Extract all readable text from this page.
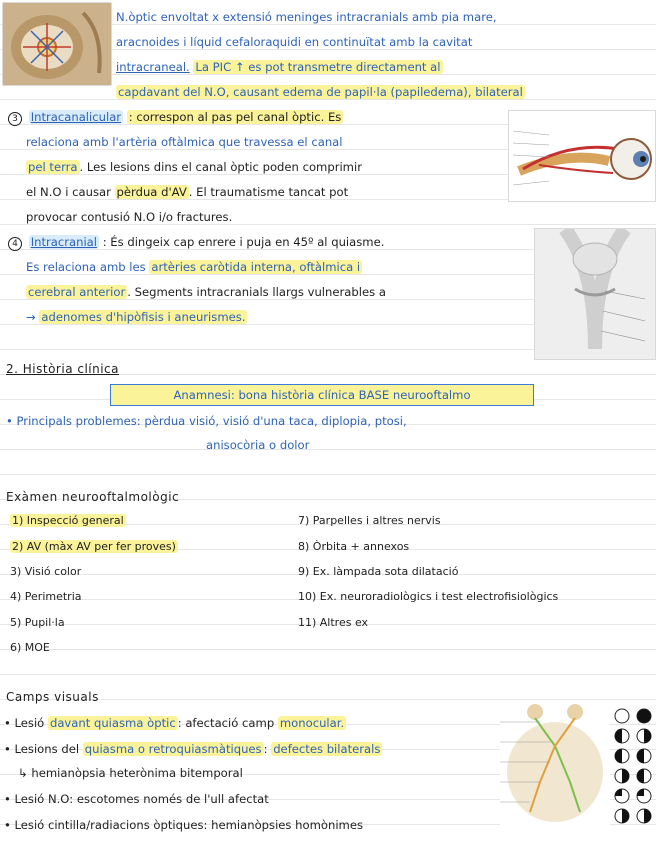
N.òptic envoltat x extensió meninges intracranials amb pia mare,
aracnoides i líquid cefaloraquidi en continuïtat amb la cavitat
intracraneal. La PIC ↑ es pot transmetre directament al
capdavant del N.O, causant edema de papil·la (papiledema), bilateral
3 Intracanalicular : correspon al pas pel canal òptic. Es
relaciona amb l'artèria oftàlmica que travessa el canal
pel terra . Les lesions dins el canal òptic poden comprimir
el N.O i causar pèrdua d'AV . El traumatisme tancat pot
provocar contusió N.O i/o fractures.
4 Intracranial : És dingeix cap enrere i puja en 45º al quiasme.
Es relaciona amb les artèries caròtida interna, oftàlmica i
cerebral anterior . Segments intracranials llargs vulnerables a
→ adenomes d'hipòfisis i aneurismes.
2. Història clínica
Anamnesi: bona història clínica BASE neurooftalmo
• Principals problemes: pèrdua visió, visió d'una taca, diplopia, ptosi,
anisocòria o dolor
Exàmen neurooftalmològic
Camps visuals
• Lesió davant quiasma òptic : afectació camp monocular.
• Lesions del quiasma o retroquiasmàtiques : defectes bilaterals
↳ hemianòpsia heterònima bitemporal
• Lesió N.O: escotomes només de l'ull afectat
• Lesió cintilla/radiacions òptiques: hemianòpsies homònimes
1) Inspecció general
2) AV (màx AV per fer proves)
3) Visió color
4) Perimetria
5) Pupil·la
6) MOE
7) Parpelles i altres nervis
8) Òrbita + annexos
9) Ex. làmpada sota dilatació
10) Ex. neuroradiològics i test electrofisiològics
11) Altres ex
